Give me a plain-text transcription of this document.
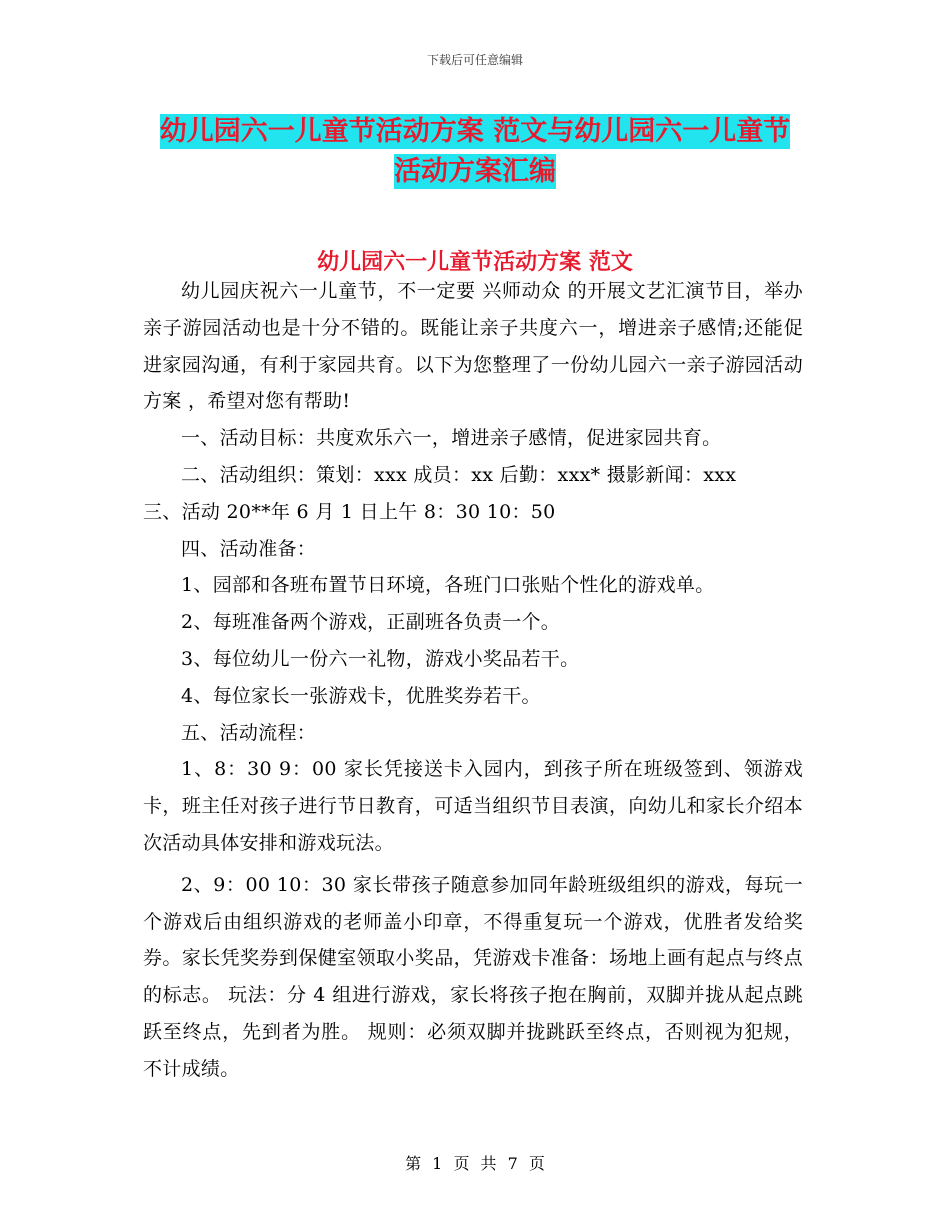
下载后可任意编辑
幼儿园六一儿童节活动方案 范文与幼儿园六一儿童节
活动方案汇编
幼儿园六一儿童节活动方案 范文

幼儿园庆祝六一儿童节，不一定要 兴师动众 的开展文艺汇演节目，举办亲子游园活动也是十分不错的。既能让亲子共度六一，增进亲子感情;还能促进家园沟通，有利于家园共育。以下为您整理了一份幼儿园六一亲子游园活动方案 ，希望对您有帮助!

一、活动目标：共度欢乐六一，增进亲子感情，促进家园共育。

二、活动组织：策划：xxx 成员：xx 后勤：xxx* 摄影新闻：xxx

三、活动 20**年 6 月 1 日上午 8：30 10：50

四、活动准备：

1、园部和各班布置节日环境，各班门口张贴个性化的游戏单。

2、每班准备两个游戏，正副班各负责一个。

3、每位幼儿一份六一礼物，游戏小奖品若干。

4、每位家长一张游戏卡，优胜奖券若干。

五、活动流程：

1、8：30 9：00 家长凭接送卡入园内，到孩子所在班级签到、领游戏卡，班主任对孩子进行节日教育，可适当组织节目表演，向幼儿和家长介绍本次活动具体安排和游戏玩法。

2、9：00 10：30 家长带孩子随意参加同年龄班级组织的游戏，每玩一个游戏后由组织游戏的老师盖小印章，不得重复玩一个游戏，优胜者发给奖券。家长凭奖券到保健室领取小奖品，凭游戏卡准备：场地上画有起点与终点的标志。 玩法：分 4 组进行游戏，家长将孩子抱在胸前，双脚并拢从起点跳跃至终点，先到者为胜。 规则：必须双脚并拢跳跃至终点，否则视为犯规，不计成绩。

第 1 页 共 7 页
